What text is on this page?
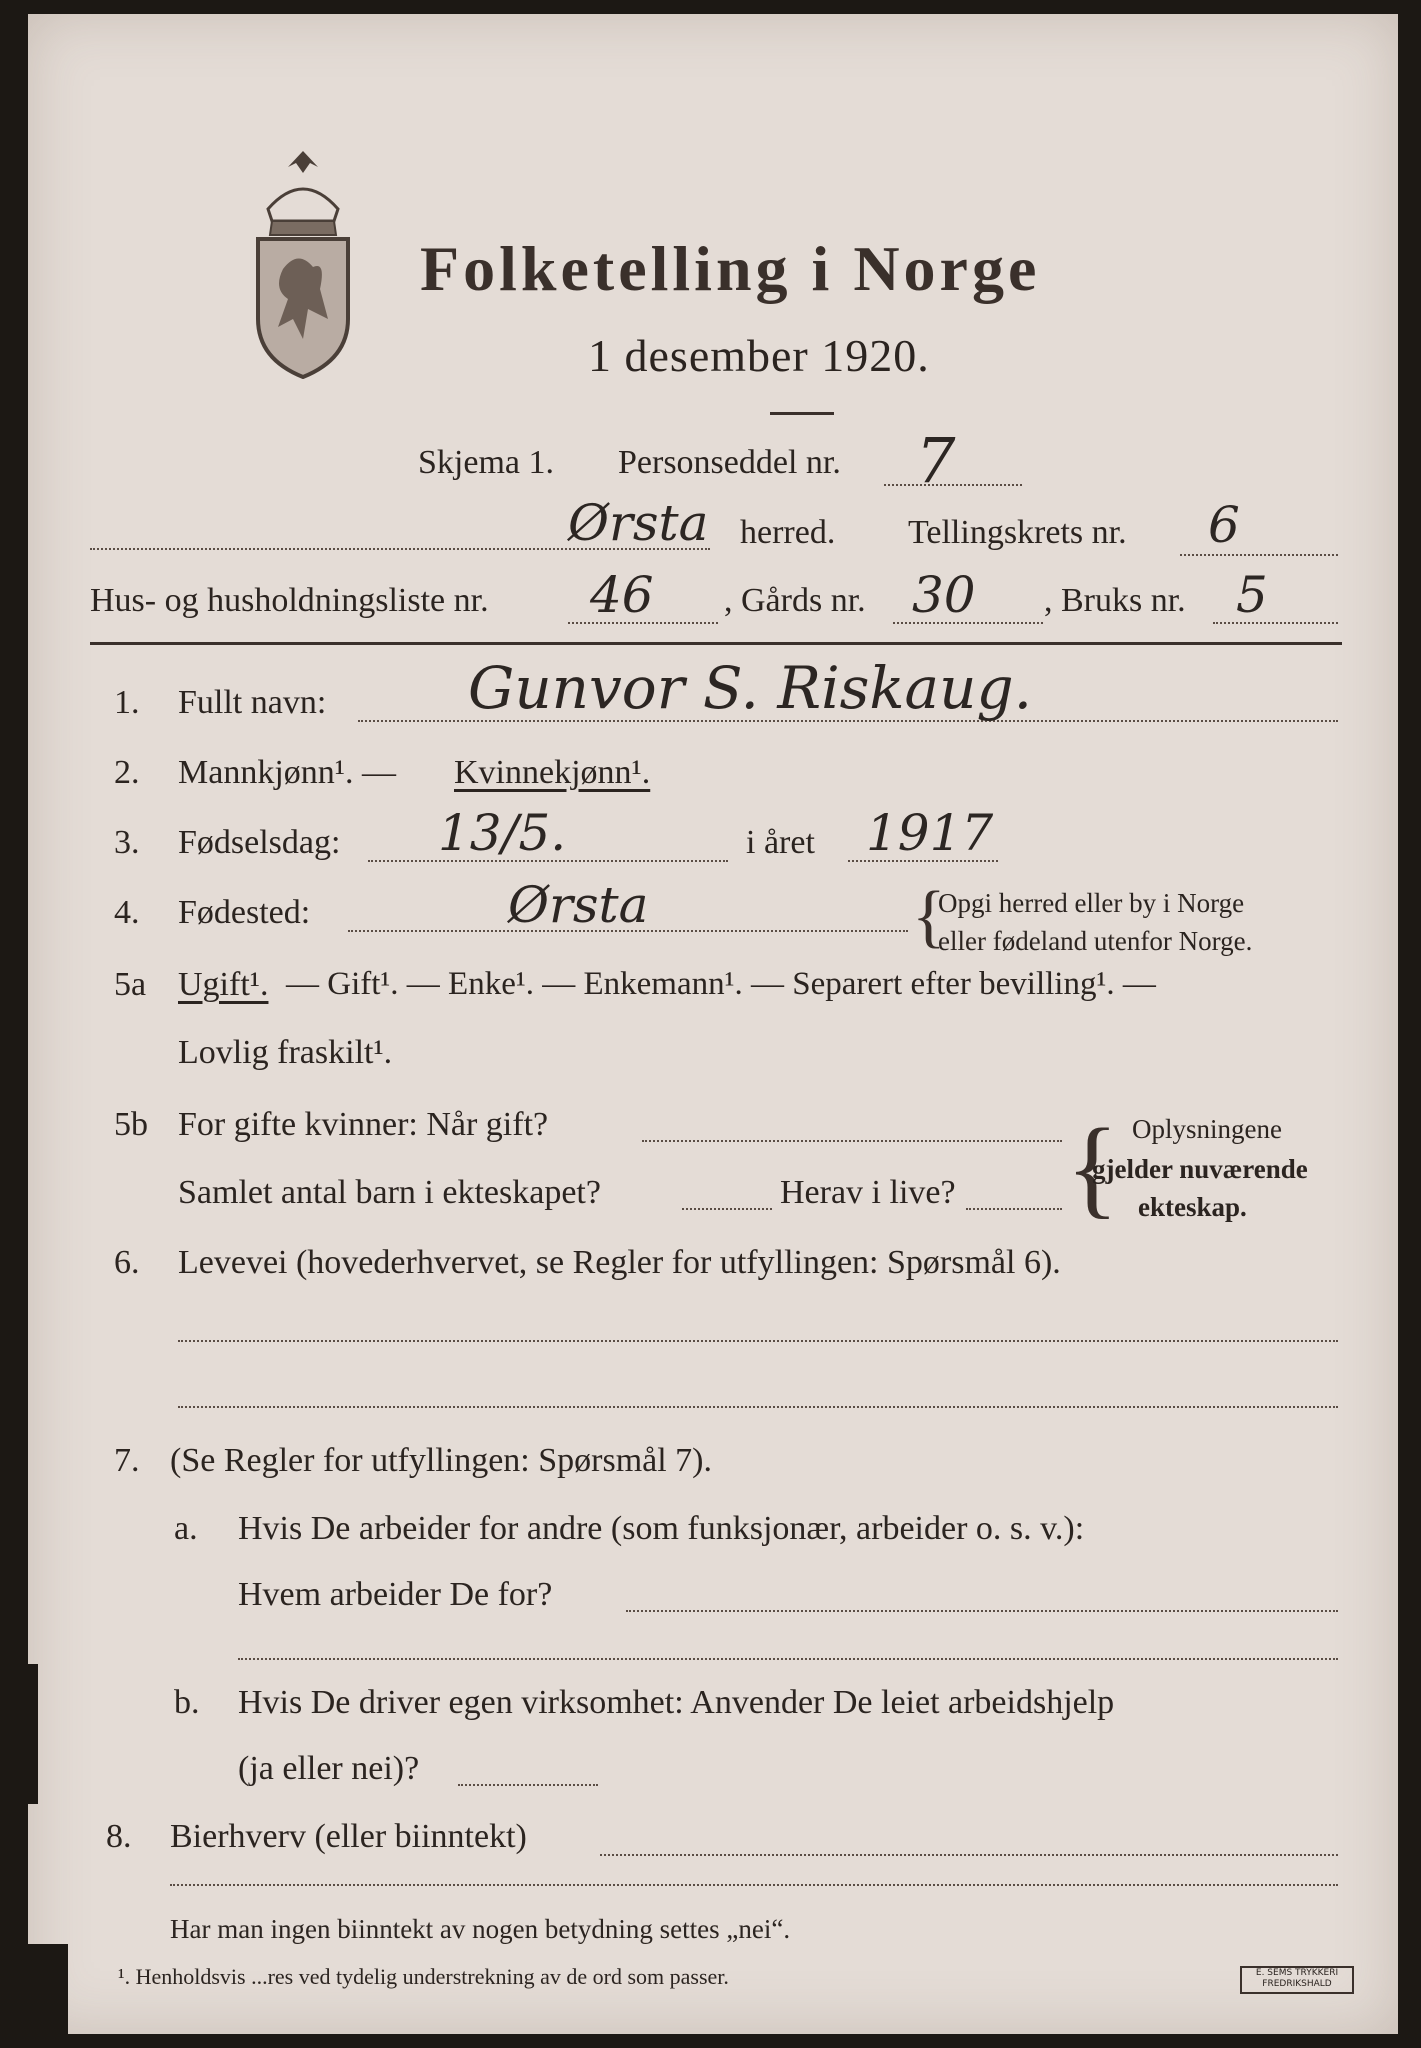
Folketelling i Norge
1 desember 1920.
Skjema 1. Personseddel nr. 7
Ørsta herred. Tellingskrets nr. 6
Hus- og husholdningsliste nr. 46 , Gårds nr. 30 , Bruks nr. 5
1. Fullt navn: Gunvor S. Riskaug.
2. Mannkjønn¹. — Kvinnekjønn¹.
3. Fødselsdag: 13/5.	i året 1917
4. Fødested:	Ørsta	{
Opgi herred eller by i Norge
eller fødeland utenfor Norge.
5a Ugift¹. — Gift¹. — Enke¹. — Enkemann¹. — Separert efter bevilling¹. —
Lovlig fraskilt¹.
5b For gifte kvinner: Når gift?
Samlet antal barn i ekteskapet?	Herav i live? { Oplysningene
gjelder nuværende
ekteskap.
6. Levevei (hovederhvervet, se Regler for utfyllingen: Spørsmål 6).
7. (Se Regler for utfyllingen: Spørsmål 7).
a. Hvis De arbeider for andre (som funksjonær, arbeider o. s. v.):
Hvem arbeider De for?
b. Hvis De driver egen virksomhet: Anvender De leiet arbeidshjelp
(ja eller nei)?
8. Bierhverv (eller biinntekt)
Har man ingen biinntekt av nogen betydning settes „nei“.
¹. Henholdsvis ...res ved tydelig understrekning av de ord som passer.	E. SEMS TRYKKERI FREDRIKSHALD
